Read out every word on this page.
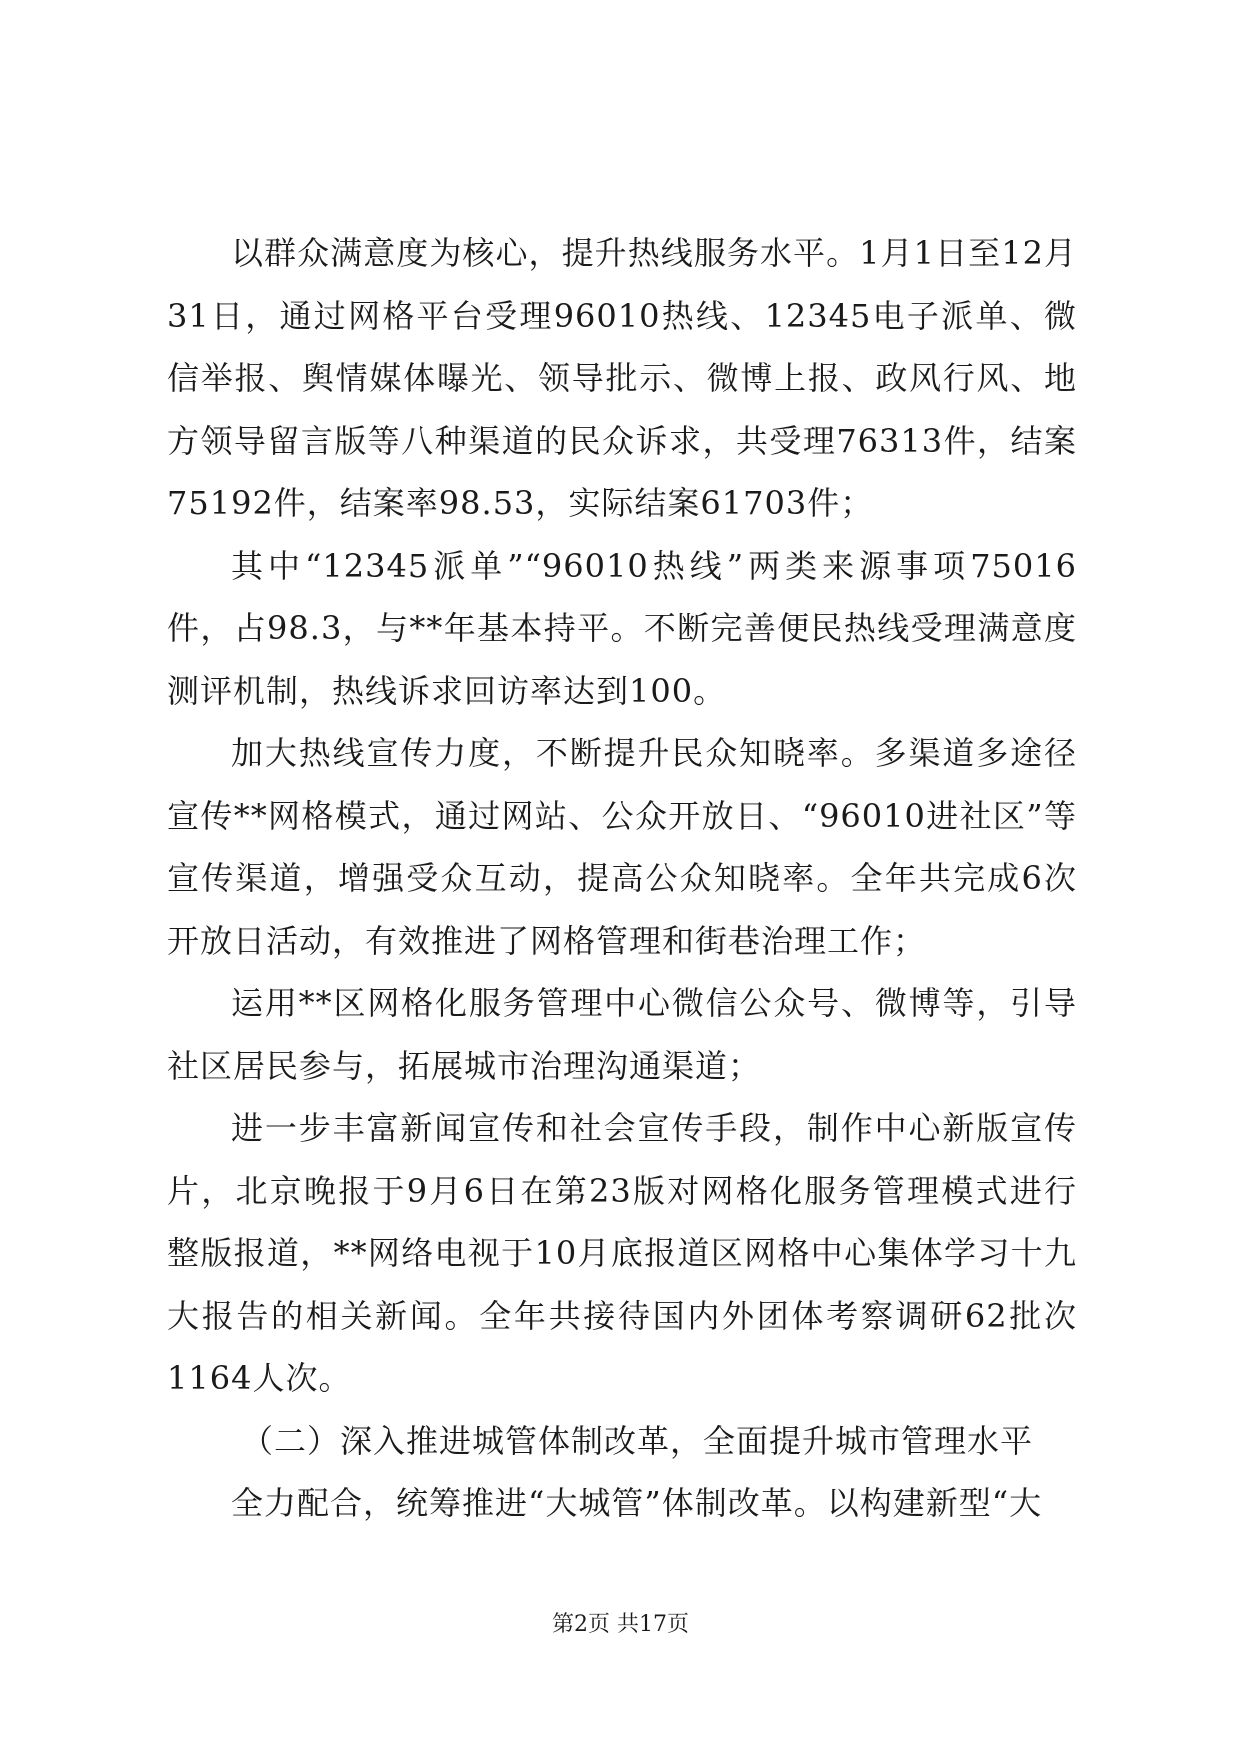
以群众满意度为核心，提升热线服务水平。1月1日至12月31日，通过网格平台受理96010热线、12345电子派单、微信举报、舆情媒体曝光、领导批示、微博上报、政风行风、地方领导留言版等八种渠道的民众诉求，共受理76313件，结案75192件，结案率98.53，实际结案61703件；

其中“12345派单”“96010热线”两类来源事项75016件，占98.3，与**年基本持平。不断完善便民热线受理满意度测评机制，热线诉求回访率达到100。

加大热线宣传力度，不断提升民众知晓率。多渠道多途径宣传**网格模式，通过网站、公众开放日、“96010进社区”等宣传渠道，增强受众互动，提高公众知晓率。全年共完成6次开放日活动，有效推进了网格管理和街巷治理工作；

运用**区网格化服务管理中心微信公众号、微博等，引导社区居民参与，拓展城市治理沟通渠道；

进一步丰富新闻宣传和社会宣传手段，制作中心新版宣传片，北京晚报于9月6日在第23版对网格化服务管理模式进行整版报道，**网络电视于10月底报道区网格中心集体学习十九大报告的相关新闻。全年共接待国内外团体考察调研62批次1164人次。

（二）深入推进城管体制改革，全面提升城市管理水平

全力配合，统筹推进“大城管”体制改革。以构建新型“大

第2页 共17页
